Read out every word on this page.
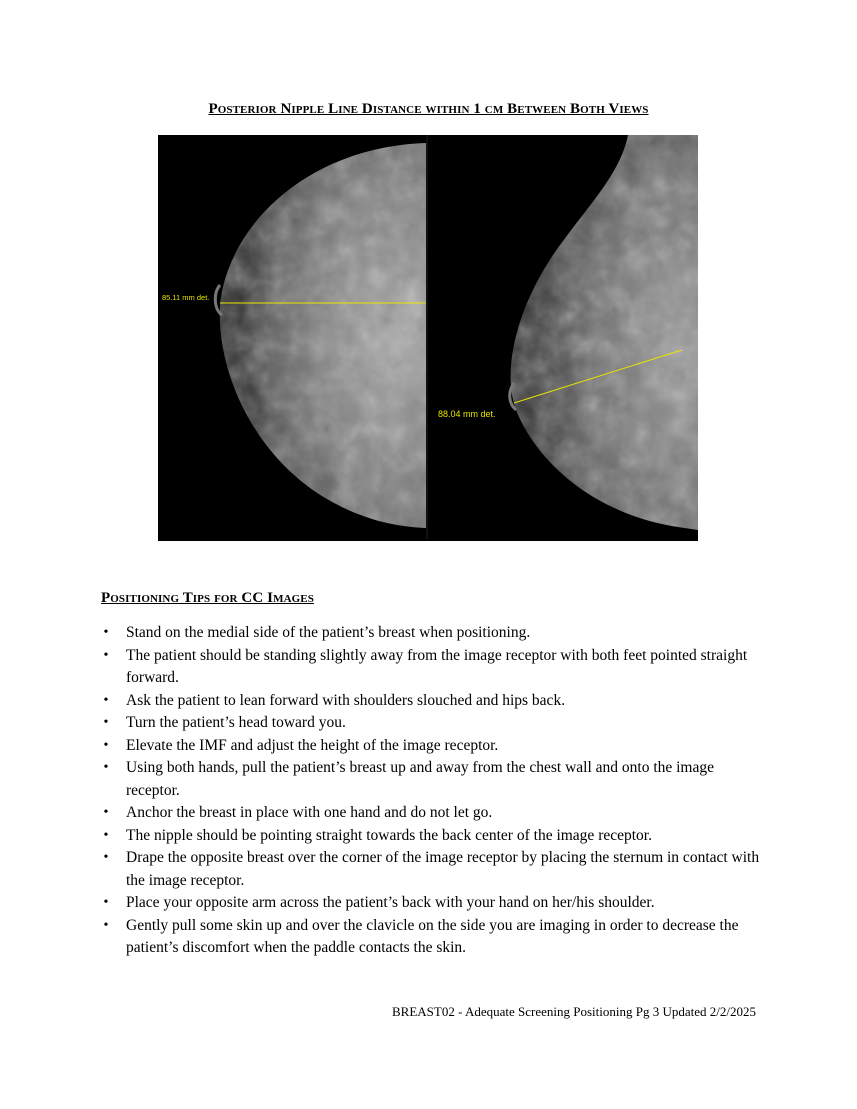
Posterior Nipple Line Distance within 1 cm Between Both Views
85.11 mm det.
88.04 mm det.
Positioning Tips for CC Images
• Stand on the medial side of the patient’s breast when positioning.
• The patient should be standing slightly away from the image receptor with both feet pointed straight forward.
• Ask the patient to lean forward with shoulders slouched and hips back.
• Turn the patient’s head toward you.
• Elevate the IMF and adjust the height of the image receptor.
• Using both hands, pull the patient’s breast up and away from the chest wall and onto the image receptor.
• Anchor the breast in place with one hand and do not let go.
• The nipple should be pointing straight towards the back center of the image receptor.
• Drape the opposite breast over the corner of the image receptor by placing the sternum in contact with the image receptor.
• Place your opposite arm across the patient’s back with your hand on her/his shoulder.
• Gently pull some skin up and over the clavicle on the side you are imaging in order to decrease the patient’s discomfort when the paddle contacts the skin.
BREAST02 - Adequate Screening Positioning Pg 3 Updated 2/2/2025
